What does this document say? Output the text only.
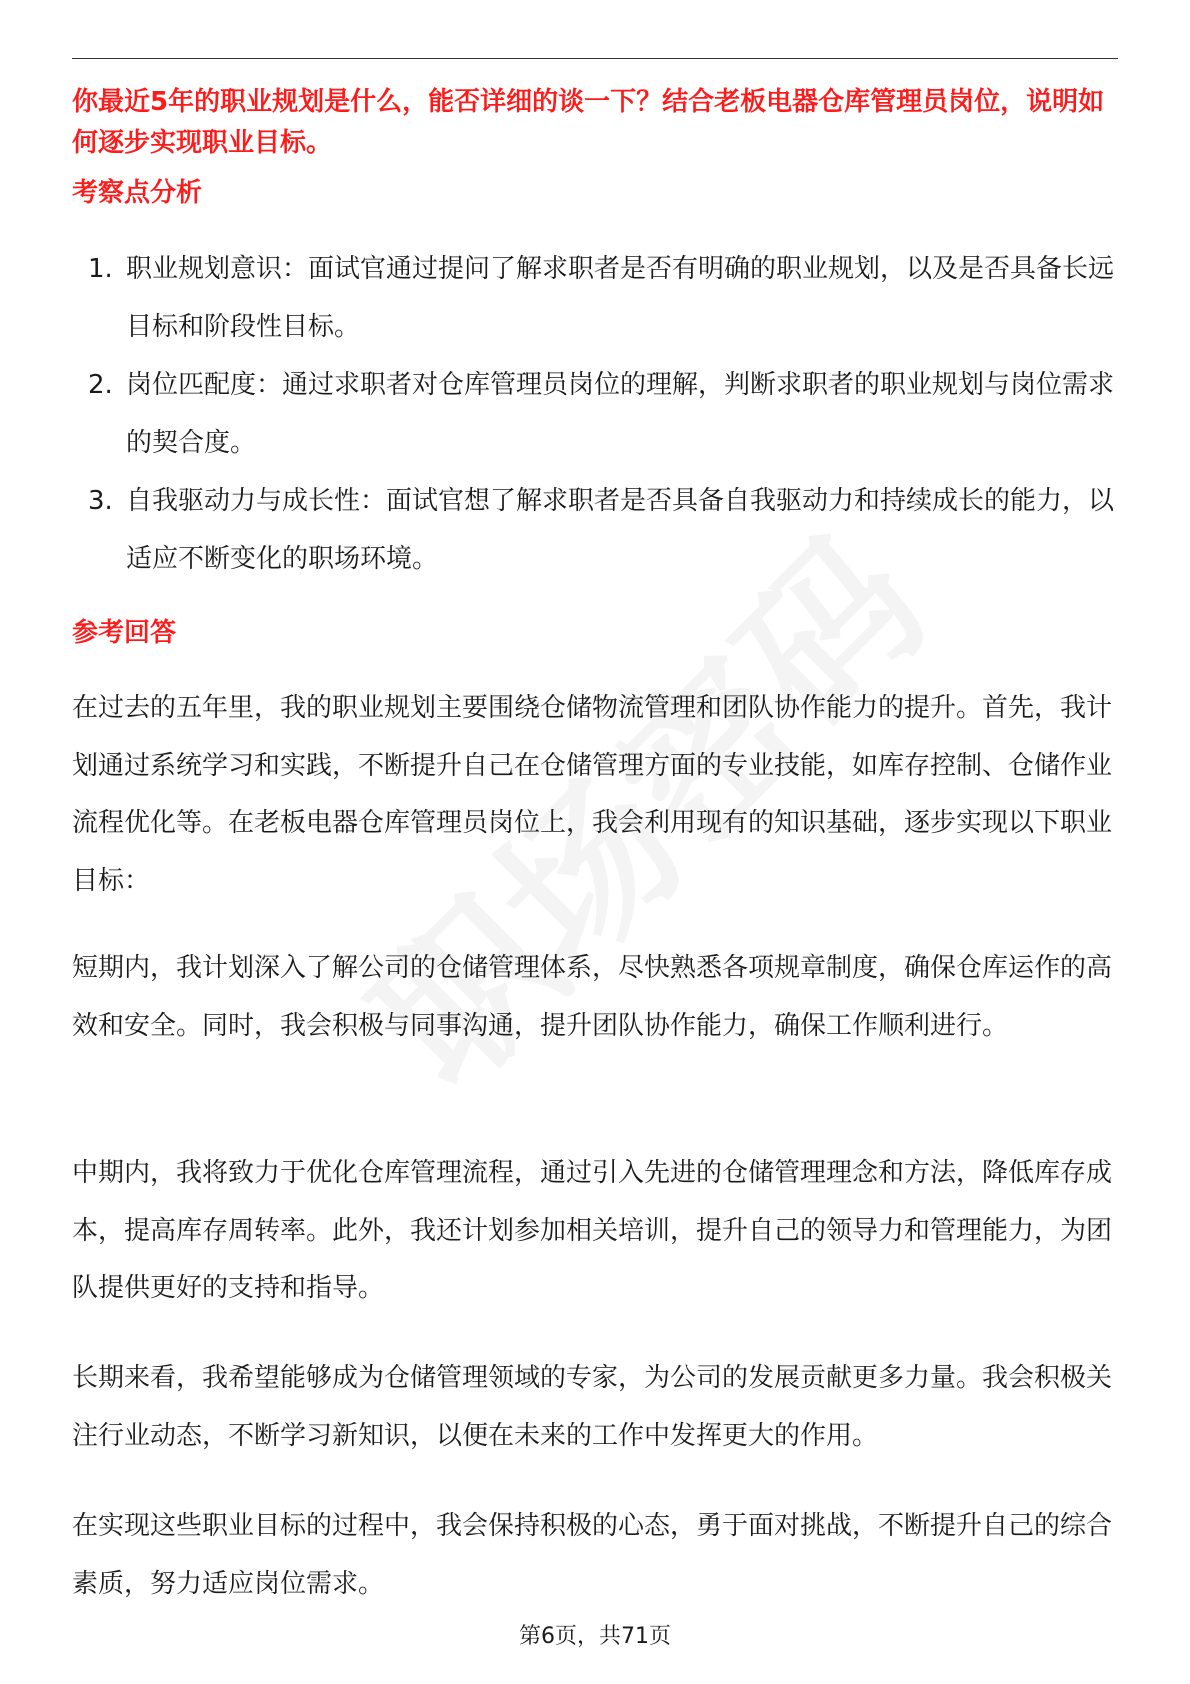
你最近5年的职业规划是什么，能否详细的谈一下？结合老板电器仓库管理员岗位，说明如何逐步实现职业目标。
考察点分析
1. 职业规划意识：面试官通过提问了解求职者是否有明确的职业规划，以及是否具备长远目标和阶段性目标。
2. 岗位匹配度：通过求职者对仓库管理员岗位的理解，判断求职者的职业规划与岗位需求的契合度。
3. 自我驱动力与成长性：面试官想了解求职者是否具备自我驱动力和持续成长的能力，以适应不断变化的职场环境。
参考回答

在过去的五年里，我的职业规划主要围绕仓储物流管理和团队协作能力的提升。首先，我计划通过系统学习和实践，不断提升自己在仓储管理方面的专业技能，如库存控制、仓储作业流程优化等。在老板电器仓库管理员岗位上，我会利用现有的知识基础，逐步实现以下职业目标：

短期内，我计划深入了解公司的仓储管理体系，尽快熟悉各项规章制度，确保仓库运作的高效和安全。同时，我会积极与同事沟通，提升团队协作能力，确保工作顺利进行。

中期内，我将致力于优化仓库管理流程，通过引入先进的仓储管理理念和方法，降低库存成本，提高库存周转率。此外，我还计划参加相关培训，提升自己的领导力和管理能力，为团队提供更好的支持和指导。

长期来看，我希望能够成为仓储管理领域的专家，为公司的发展贡献更多力量。我会积极关注行业动态，不断学习新知识，以便在未来的工作中发挥更大的作用。

在实现这些职业目标的过程中，我会保持积极的心态，勇于面对挑战，不断提升自己的综合素质，努力适应岗位需求。

第6页，共71页
